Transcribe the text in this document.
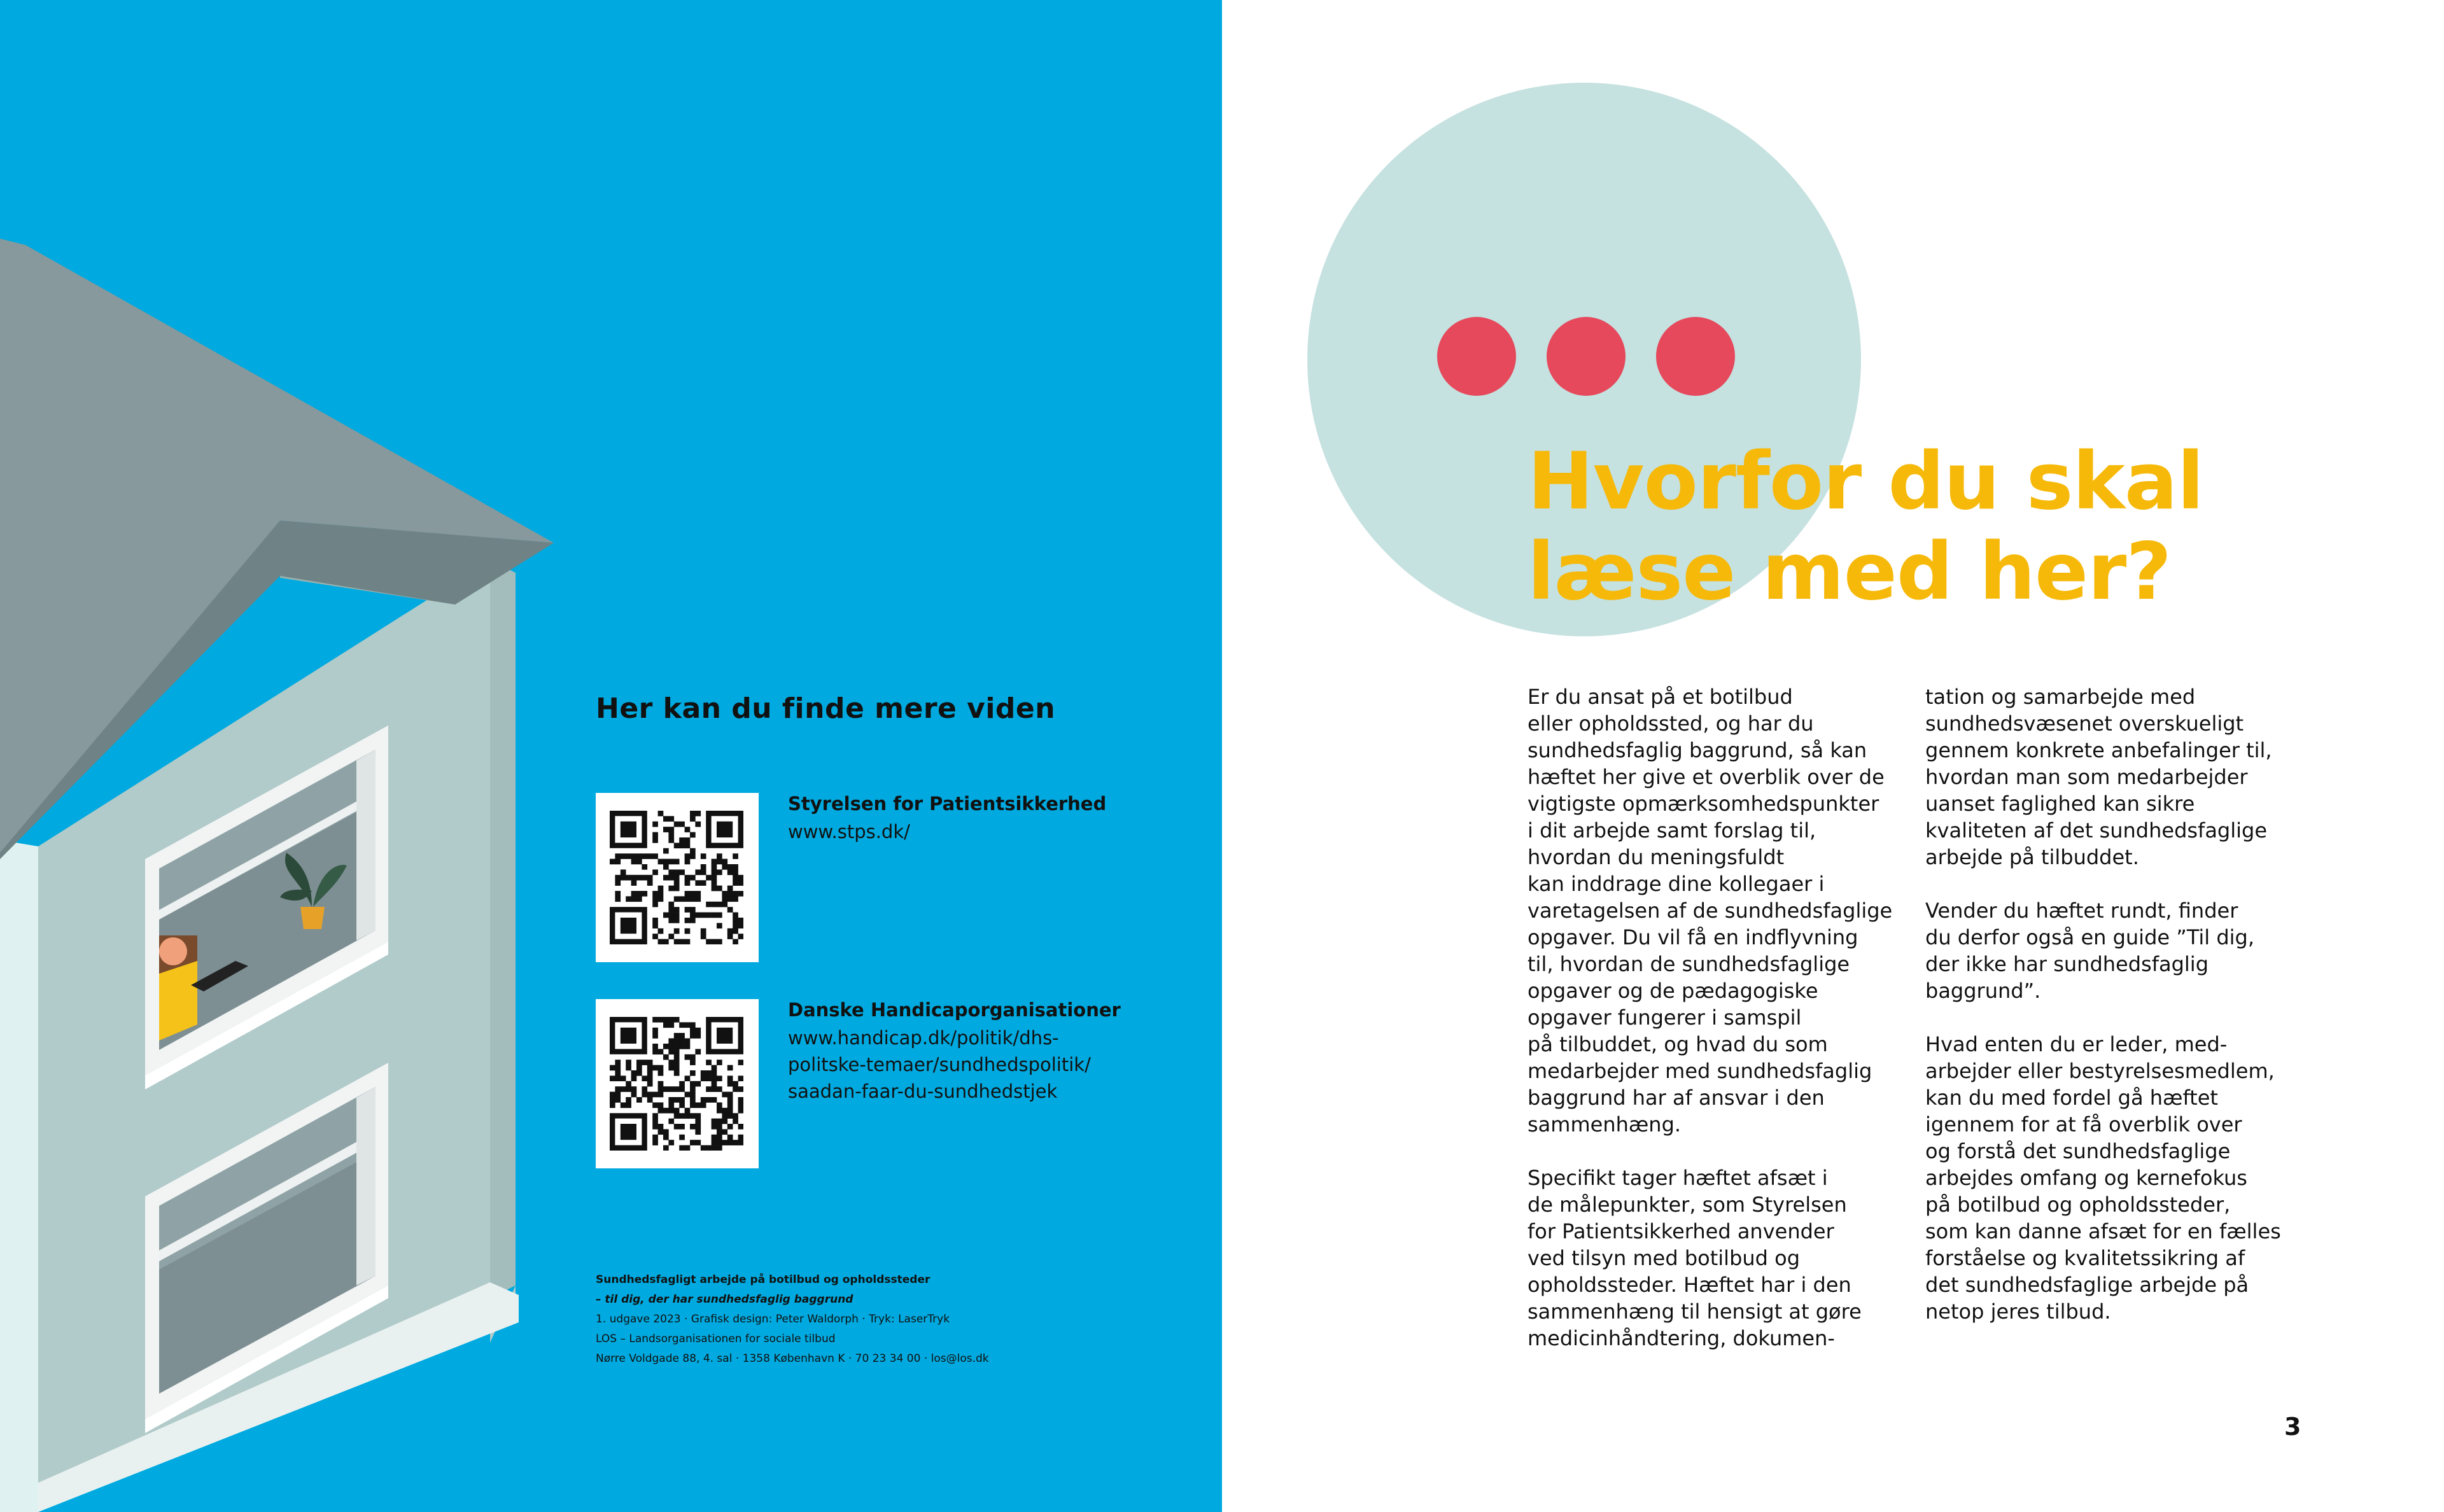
Her kan du finde mere viden

Styrelsen for Patientsikkerhed

www.stps.dk/

Danske Handicaporganisationer

www.handicap.dk/politik/dhs-
politske-temaer/sundhedspolitik/
saadan-faar-du-sundhedstjek
Sundhedsfagligt arbejde på botilbud og opholdssteder
– til dig, der har sundhedsfaglig baggrund
1. udgave 2023 · Grafisk design: Peter Waldorph · Tryk: LaserTryk
LOS – Landsorganisationen for sociale tilbud
Nørre Voldgade 88, 4. sal · 1358 København K · 70 23 34 00 · los@los.dk
Hvorfor du skal
læse med her?
Er du ansat på et botilbud
eller opholdssted, og har du
sundhedsfaglig baggrund, så kan
hæftet her give et overblik over de
vigtigste opmærksomhedspunkter
i dit arbejde samt forslag til,
hvordan du meningsfuldt
kan inddrage dine kollegaer i
varetagelsen af de sundhedsfaglige
opgaver. Du vil få en indflyvning
til, hvordan de sundhedsfaglige
opgaver og de pædagogiske
opgaver fungerer i samspil
på tilbuddet, og hvad du som
medarbejder med sundhedsfaglig
baggrund har af ansvar i den
sammenhæng.
Specifikt tager hæftet afsæt i
de målepunkter, som Styrelsen
for Patientsikkerhed anvender
ved tilsyn med botilbud og
opholdssteder. Hæftet har i den
sammenhæng til hensigt at gøre
medicinhåndtering, dokumen-
tation og samarbejde med
sundhedsvæsenet overskueligt
gennem konkrete anbefalinger til,
hvordan man som medarbejder
uanset faglighed kan sikre
kvaliteten af det sundhedsfaglige
arbejde på tilbuddet.
Vender du hæftet rundt, finder
du derfor også en guide ”Til dig,
der ikke har sundhedsfaglig
baggrund”.
Hvad enten du er leder, med-
arbejder eller bestyrelsesmedlem,
kan du med fordel gå hæftet
igennem for at få overblik over
og forstå det sundhedsfaglige
arbejdes omfang og kernefokus
på botilbud og opholdssteder,
som kan danne afsæt for en fælles
forståelse og kvalitetssikring af
det sundhedsfaglige arbejde på
netop jeres tilbud.
3
